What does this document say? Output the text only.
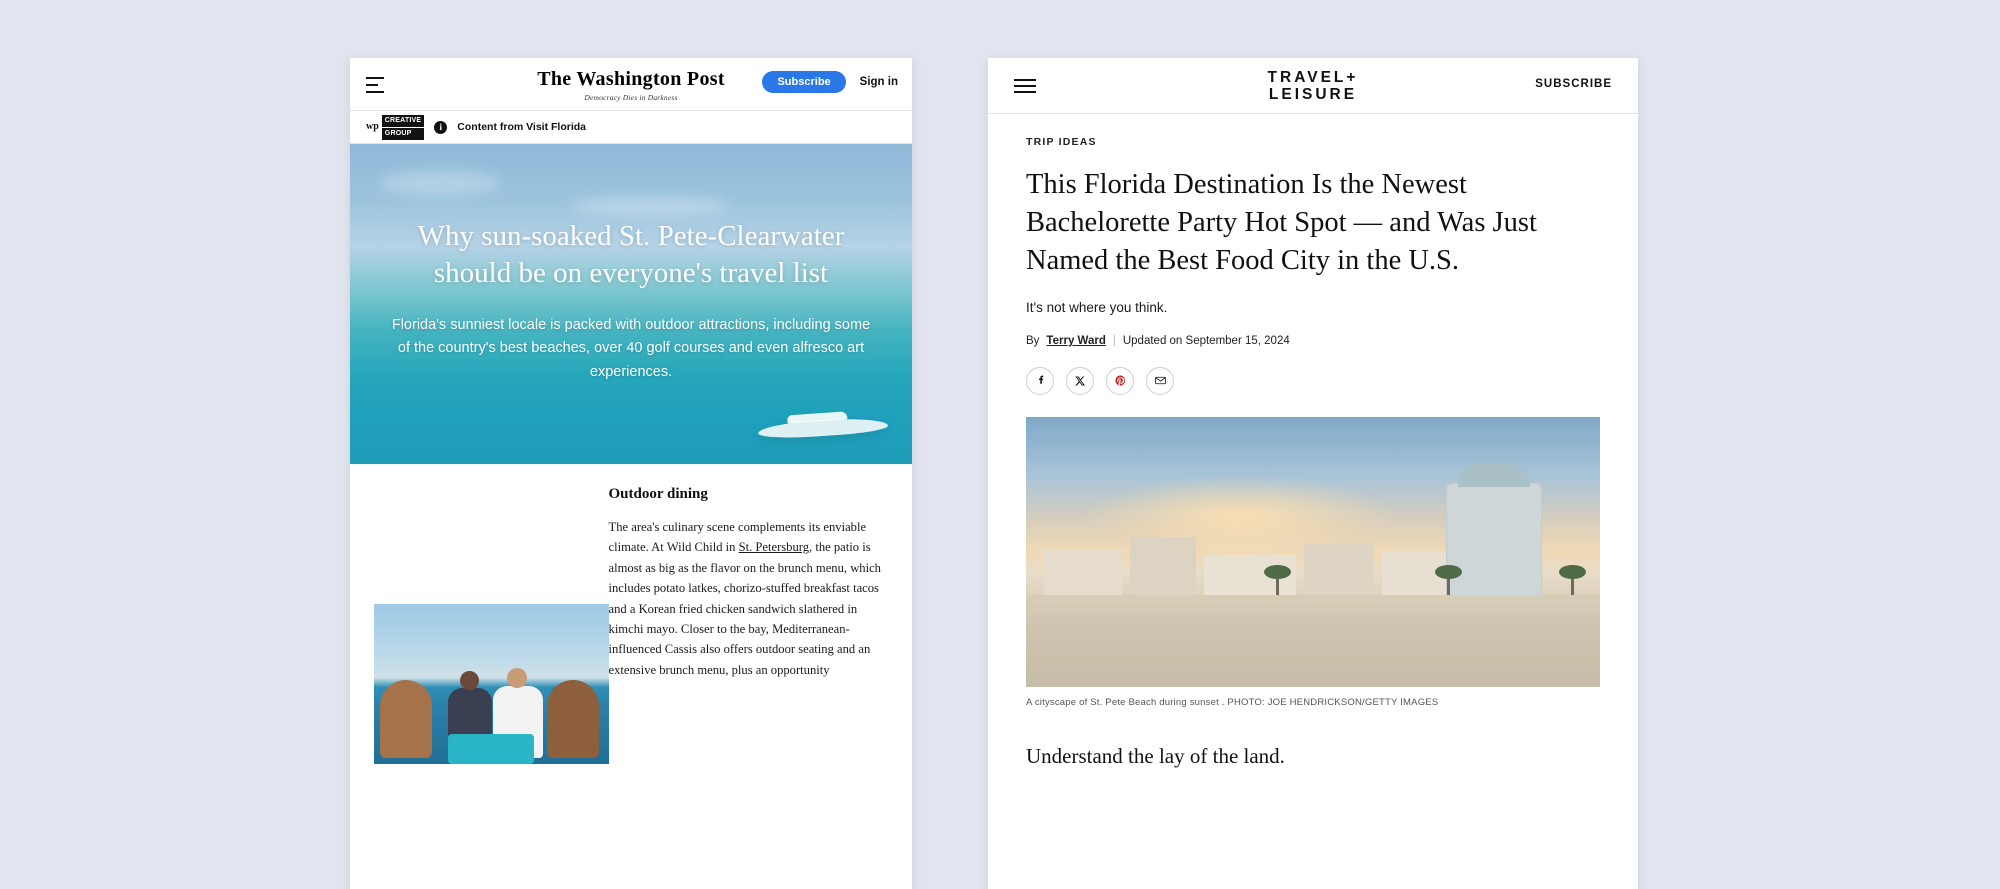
The Washington Post
Democracy Dies in Darkness
Subscribe	Sign in
wp
CREATIVE
GROUP
i	Content from Visit Florida
Why sun-soaked St. Pete-Clearwater should be on everyone's travel list
Florida's sunniest locale is packed with outdoor attractions, including some of the country's best beaches, over 40 golf courses and even alfresco art experiences.
Outdoor dining

The area's culinary scene complements its enviable climate. At Wild Child in St. Petersburg, the patio is almost as big as the flavor on the brunch menu, which includes potato latkes, chorizo-stuffed breakfast tacos and a Korean fried chicken sandwich slathered in kimchi mayo. Closer to the bay, Mediterranean-influenced Cassis also offers outdoor seating and an extensive brunch menu, plus an opportunity

TRAVEL+
LEISURE
SUBSCRIBE
TRIP IDEAS
This Florida Destination Is the Newest Bachelorette Party Hot Spot — and Was Just Named the Best Food City in the U.S.
It's not where you think.
By Terry Ward | Updated on September 15, 2024
A cityscape of St. Pete Beach during sunset . PHOTO: JOE HENDRICKSON/GETTY IMAGES
Understand the lay of the land.
